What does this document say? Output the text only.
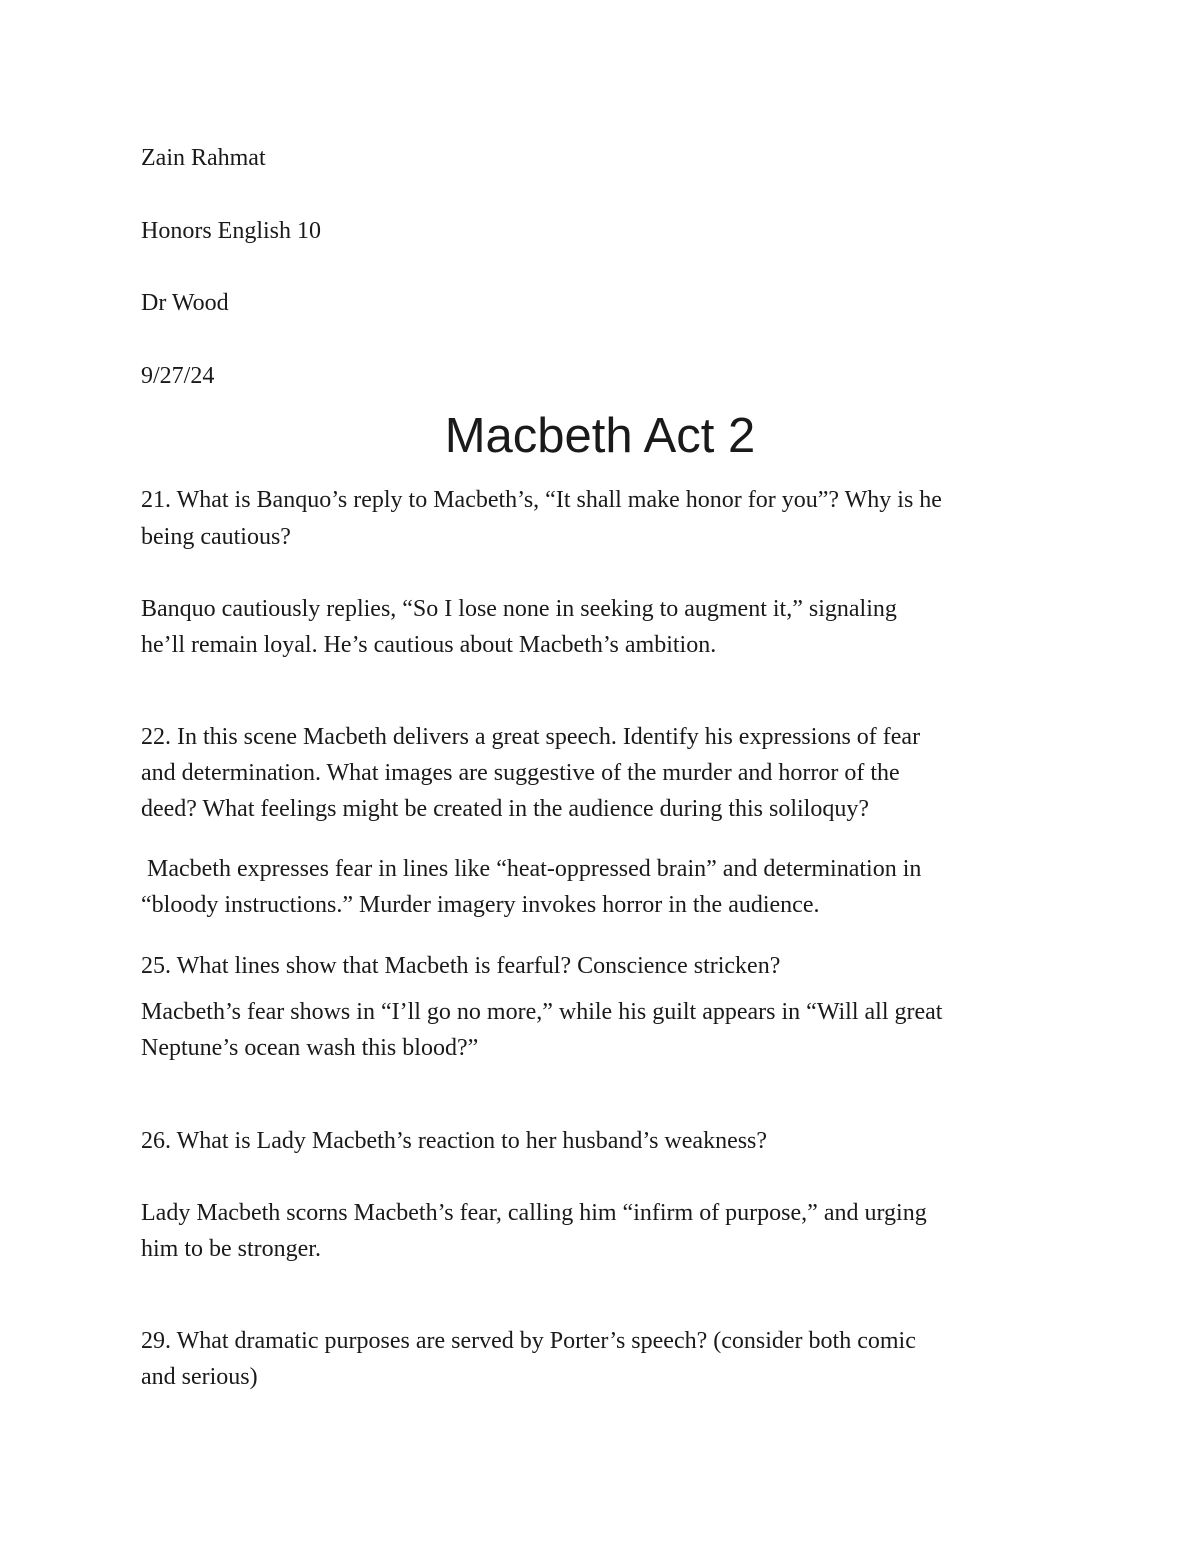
Zain Rahmat
Honors English 10
Dr Wood
9/27/24
Macbeth Act 2
21. What is Banquo’s reply to Macbeth’s, “It shall make honor for you”? Why is he
being cautious?
Banquo cautiously replies, “So I lose none in seeking to augment it,” signaling
he’ll remain loyal. He’s cautious about Macbeth’s ambition.
22. In this scene Macbeth delivers a great speech. Identify his expressions of fear
and determination. What images are suggestive of the murder and horror of the
deed? What feelings might be created in the audience during this soliloquy?
Macbeth expresses fear in lines like “heat-oppressed brain” and determination in
“bloody instructions.” Murder imagery invokes horror in the audience.
25. What lines show that Macbeth is fearful? Conscience stricken?
Macbeth’s fear shows in “I’ll go no more,” while his guilt appears in “Will all great
Neptune’s ocean wash this blood?”
26. What is Lady Macbeth’s reaction to her husband’s weakness?
Lady Macbeth scorns Macbeth’s fear, calling him “infirm of purpose,” and urging
him to be stronger.
29. What dramatic purposes are served by Porter’s speech? (consider both comic
and serious)
